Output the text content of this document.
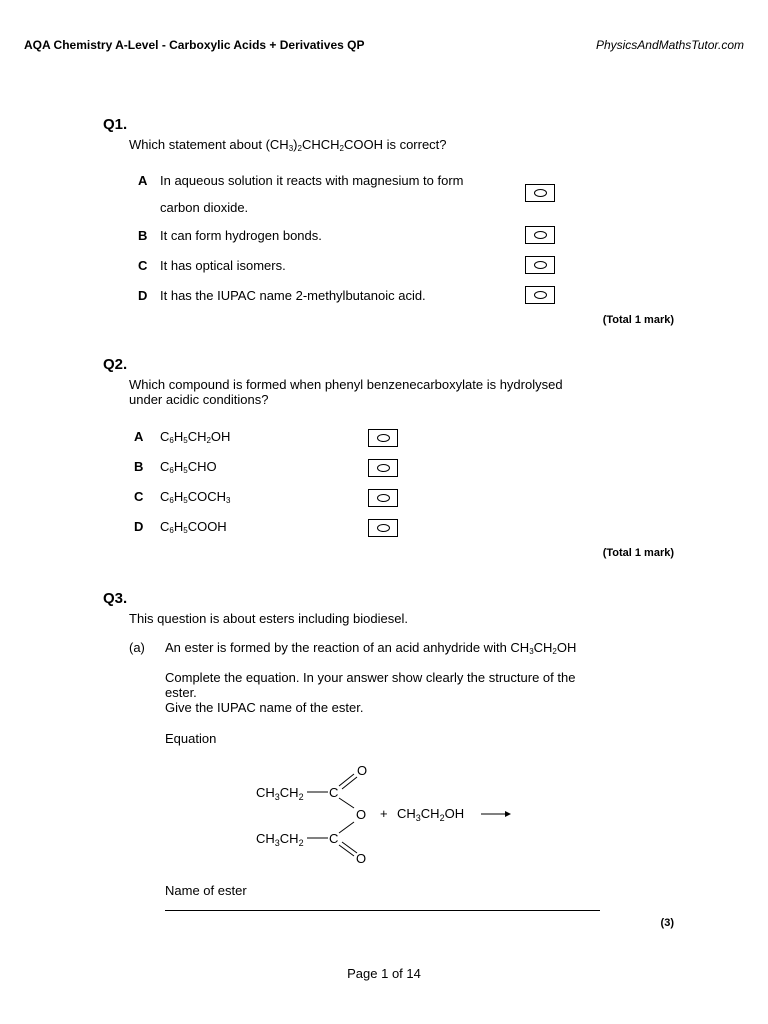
AQA Chemistry A-Level - Carboxylic Acids + Derivatives QP	PhysicsAndMathsTutor.com
Q1.
Which statement about $(CH_3)_2CHCH_2COOH$ is correct?
A In aqueous solution it reacts with magnesium to form
carbon dioxide.
B It can form hydrogen bonds.
C It has optical isomers.
D It has the IUPAC name 2-methylbutanoic acid.
(Total 1 mark)
Q2.
Which compound is formed when phenyl benzenecarboxylate is hydrolysed
under acidic conditions?
A $C_6H_5CH_2OH$
B $C_6H_5CHO$
C $C_6H_5COCH_3$
D $C_6H_5COOH$
(Total 1 mark)
Q3.
This question is about esters including biodiesel.
(a) An ester is formed by the reaction of an acid anhydride with $CH_3CH_2OH$
Complete the equation. In your answer show clearly the structure of the
ester.
Give the IUPAC name of the ester.
Equation
$CH_3CH_2$ C
O
O
$CH_3CH_2$ C
O
+ $CH_3CH_2OH$
Name of ester
(3)
Page 1 of 14
